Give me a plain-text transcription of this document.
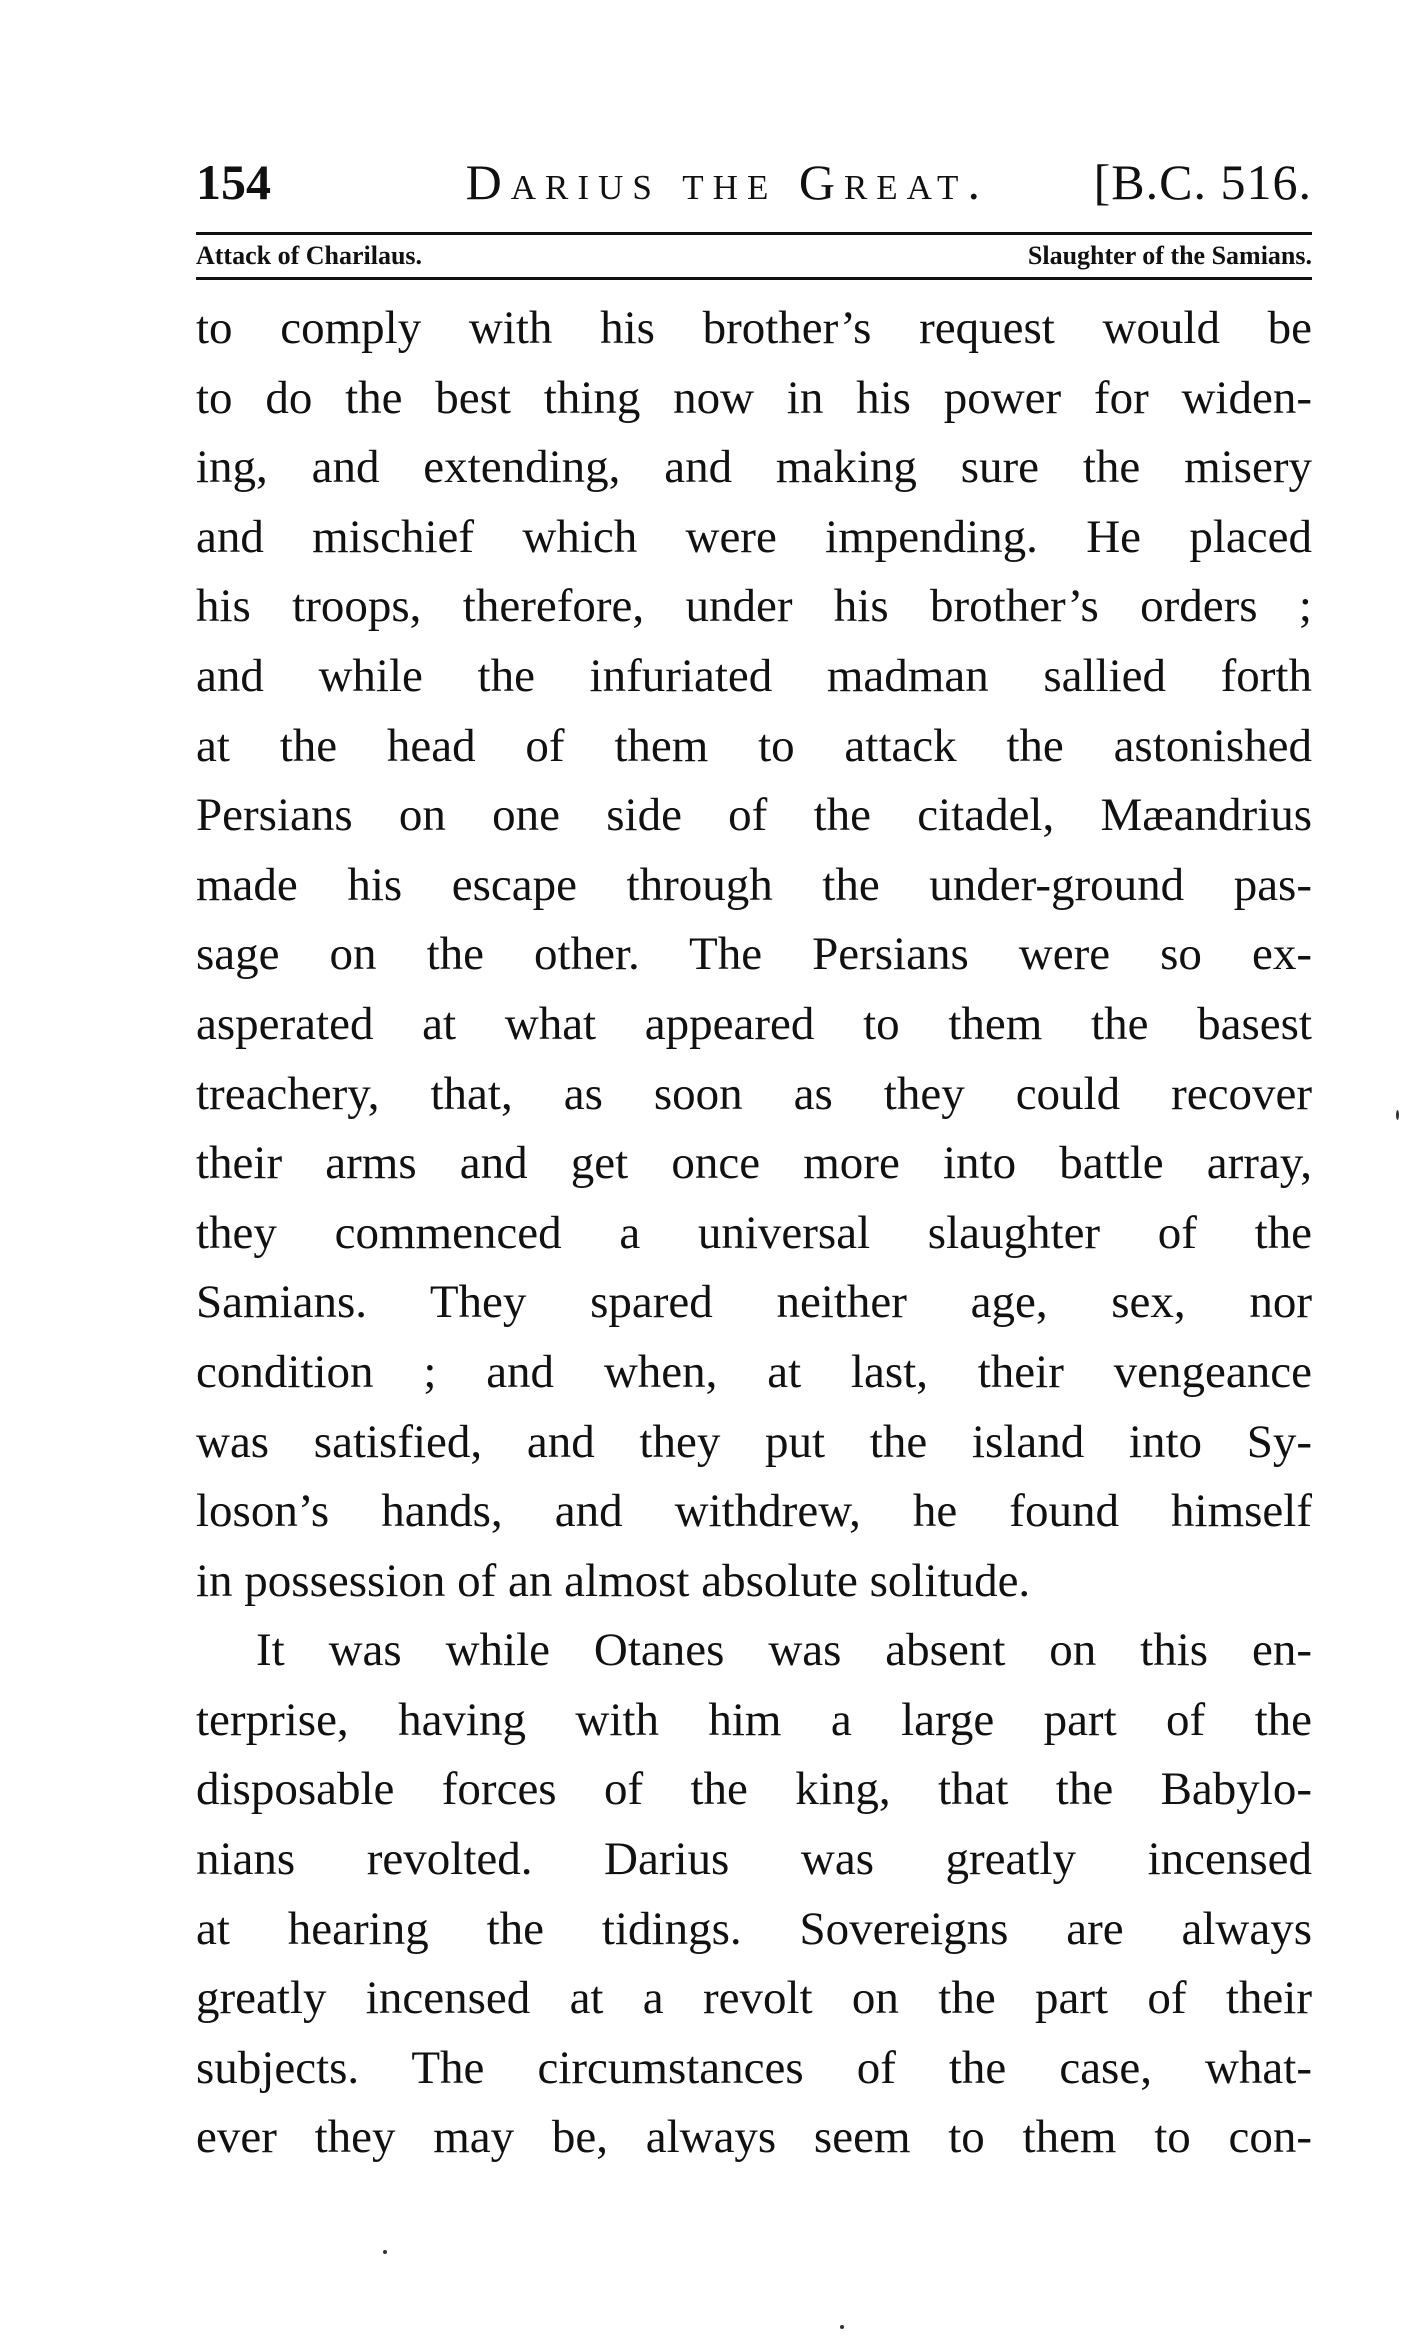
154	Darius the Great. [B.C. 516.
Attack of Charilaus.	Slaughter of the Samians.
to comply with his brother’s request would be
to do the best thing now in his power for widen-
ing, and extending, and making sure the misery
and mischief which were impending. He placed
his troops, therefore, under his brother’s orders ;
and while the infuriated madman sallied forth
at the head of them to attack the astonished
Persians on one side of the citadel, Mæandrius
made his escape through the under-ground pas-
sage on the other. The Persians were so ex-
asperated at what appeared to them the basest
treachery, that, as soon as they could recover
their arms and get once more into battle array,
they commenced a universal slaughter of the
Samians. They spared neither age, sex, nor
condition ; and when, at last, their vengeance
was satisfied, and they put the island into Sy-
loson’s hands, and withdrew, he found himself
in possession of an almost absolute solitude.
It was while Otanes was absent on this en-
terprise, having with him a large part of the
disposable forces of the king, that the Babylo-
nians revolted. Darius was greatly incensed
at hearing the tidings. Sovereigns are always
greatly incensed at a revolt on the part of their
subjects. The circumstances of the case, what-
ever they may be, always seem to them to con-
